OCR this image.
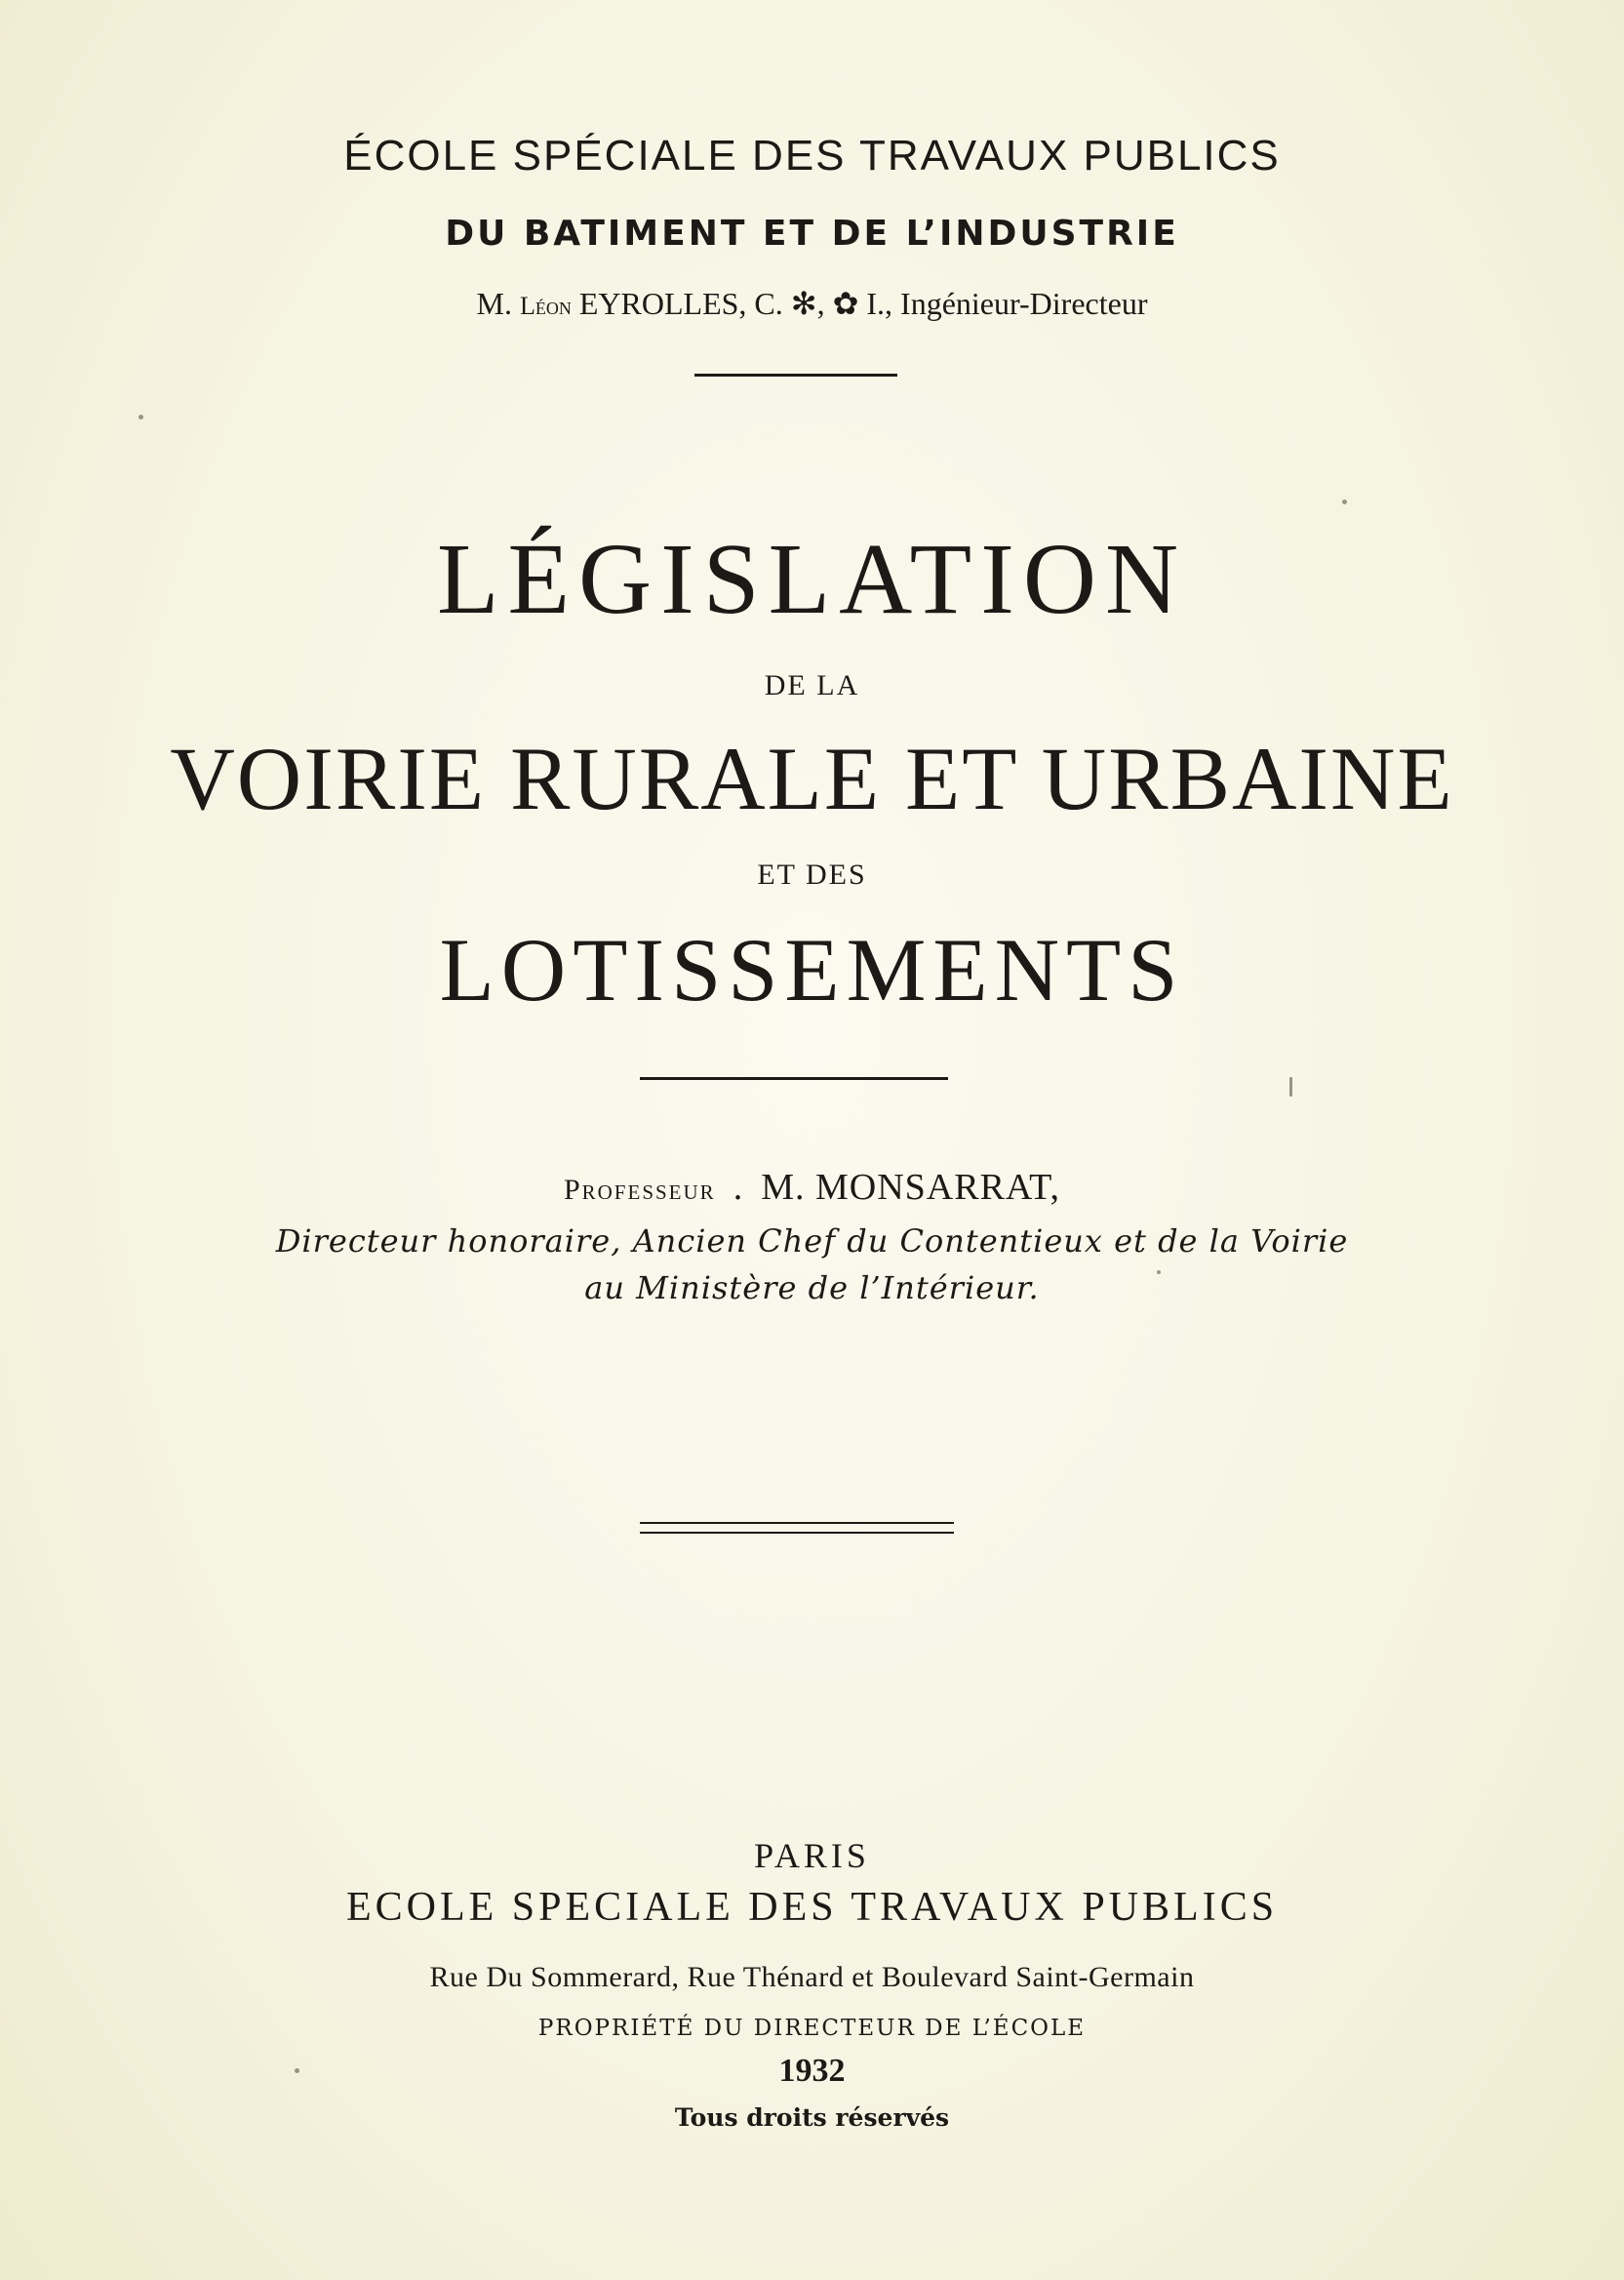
ÉCOLE SPÉCIALE DES TRAVAUX PUBLICS
DU BATIMENT ET DE L’INDUSTRIE
M. Léon EYROLLES, C. ✻, ✿ I., Ingénieur-Directeur
LÉGISLATION
DE LA
VOIRIE RURALE ET URBAINE
ET DES
LOTISSEMENTS
Professeur . M. MONSARRAT,
Directeur honoraire, Ancien Chef du Contentieux et de la Voirie
au Ministère de l’Intérieur.
PARIS
ECOLE SPECIALE DES TRAVAUX PUBLICS
Rue Du Sommerard, Rue Thénard et Boulevard Saint-Germain
PROPRIÉTÉ DU DIRECTEUR DE L’ÉCOLE
1932
Tous droits réservés
